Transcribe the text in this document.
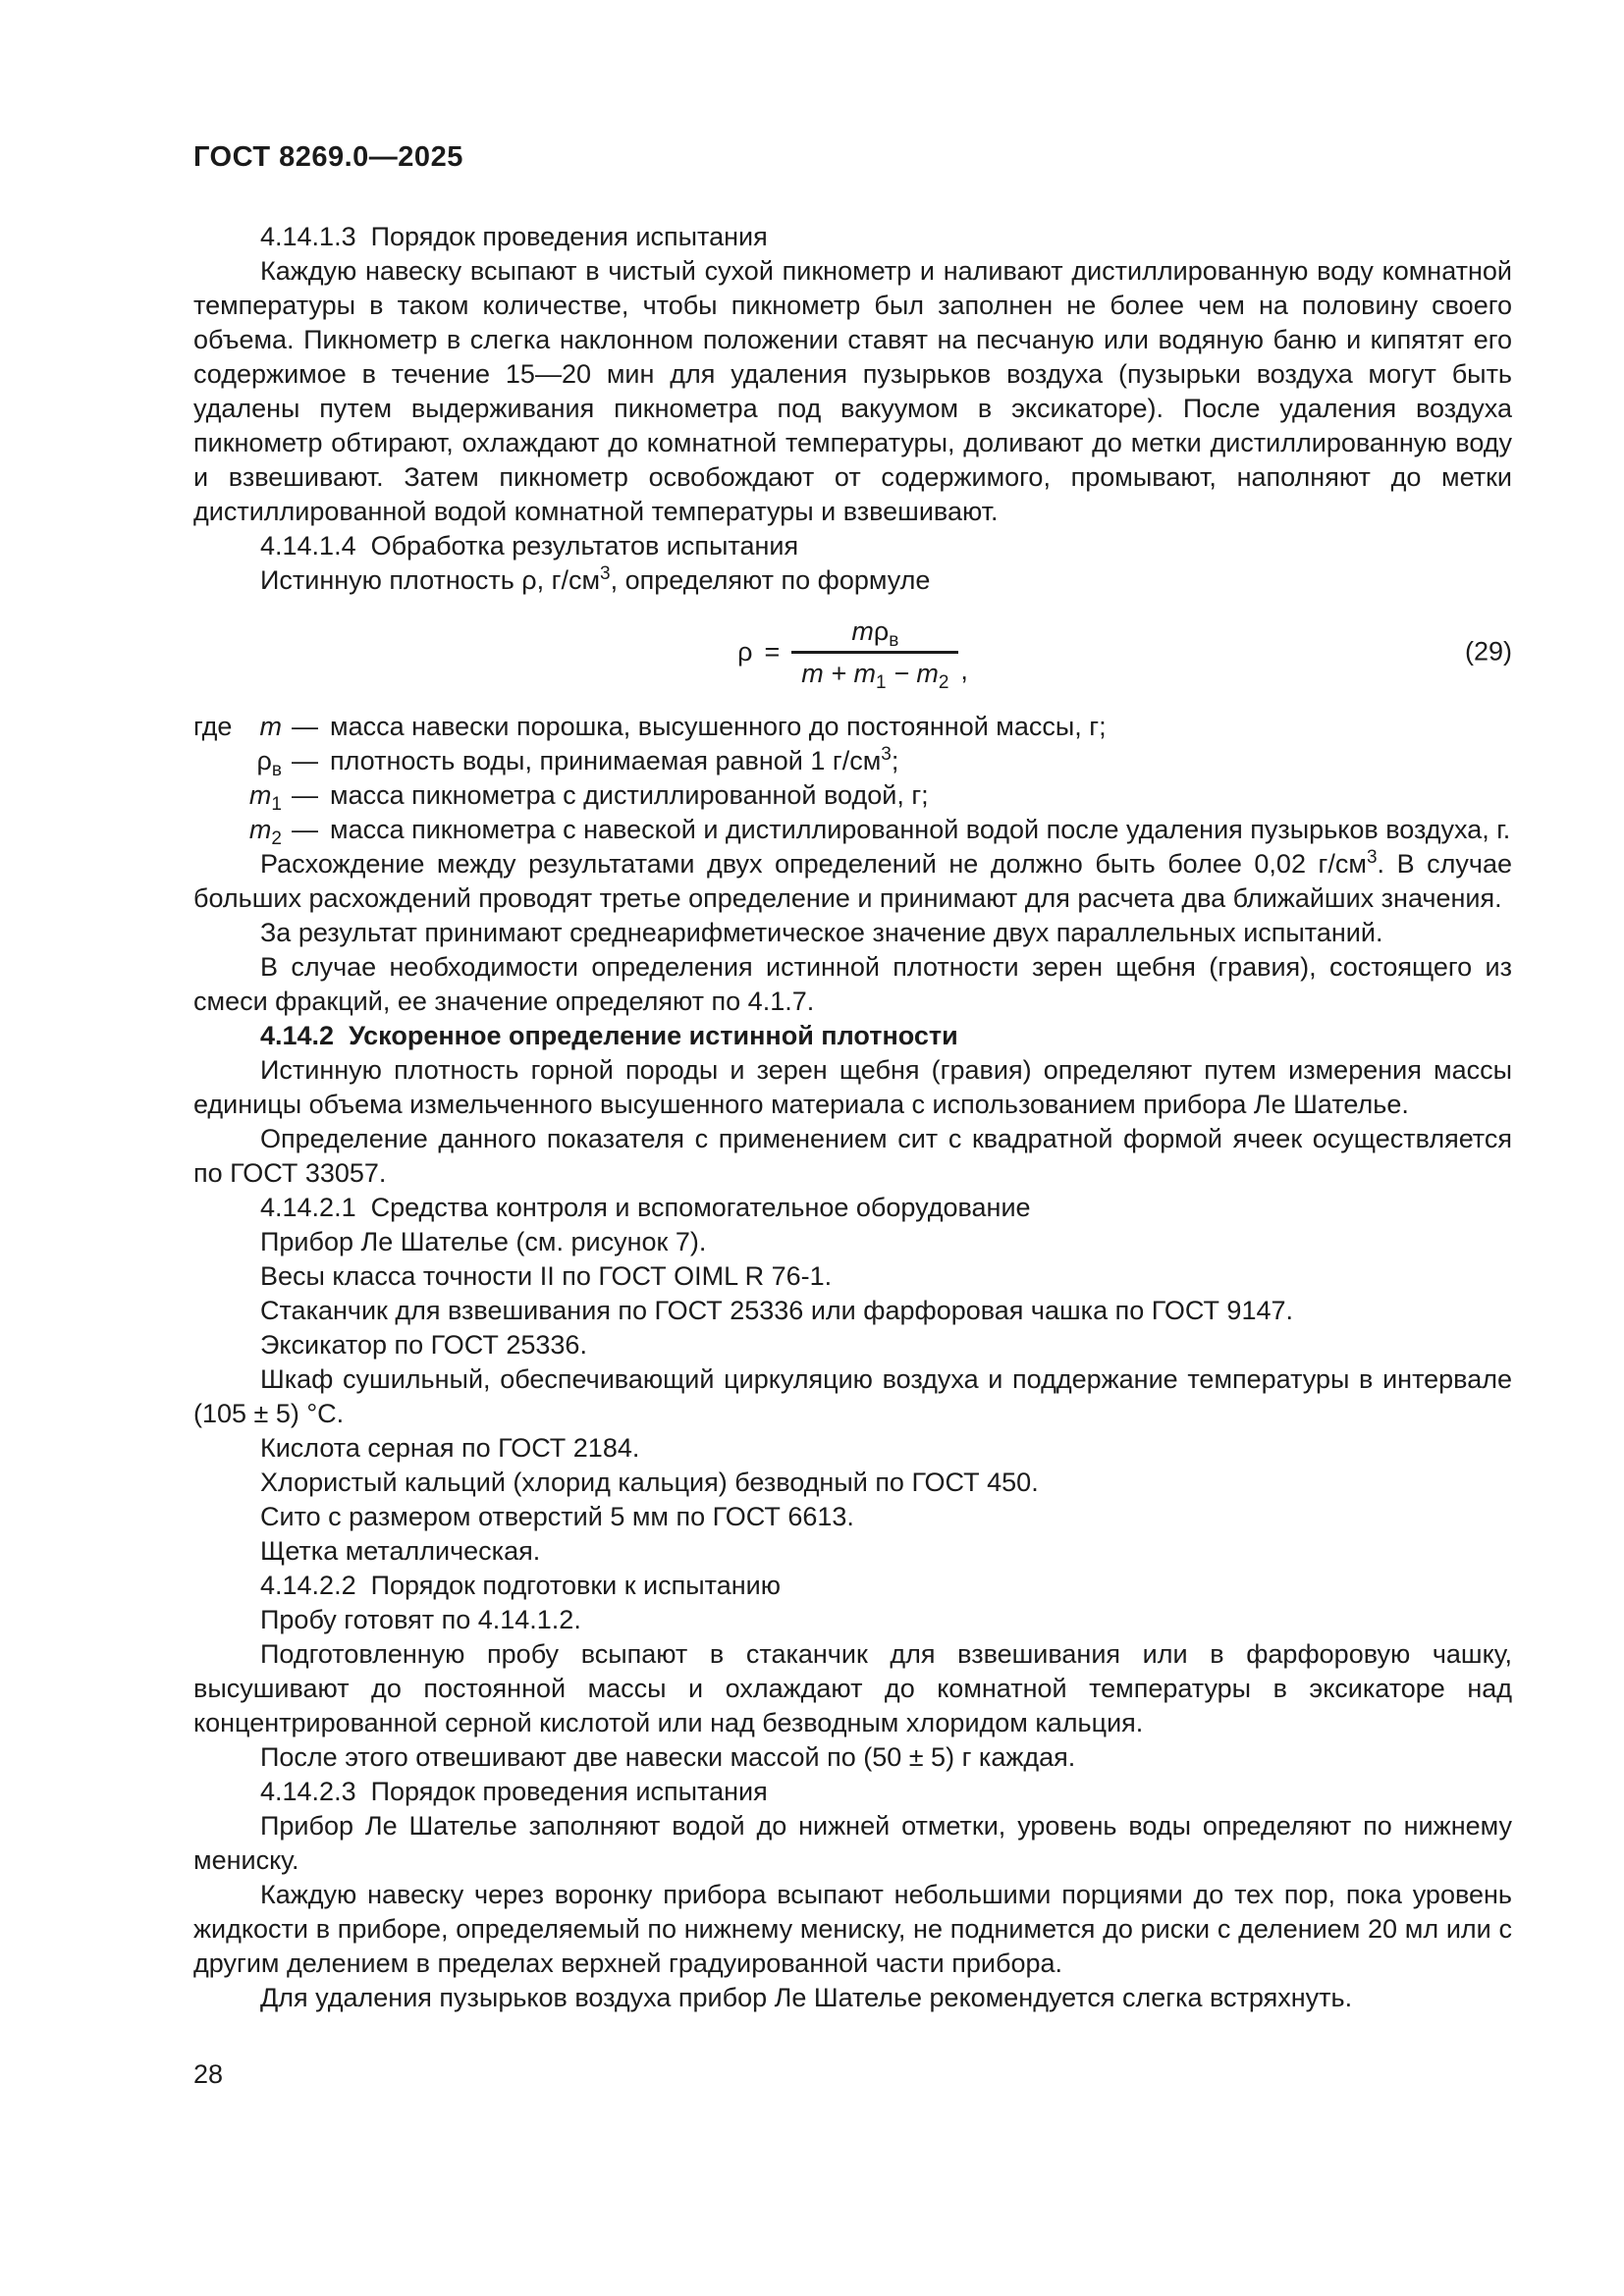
ГОСТ 8269.0—2025

4.14.1.3  Порядок проведения испытания

Каждую навеску всыпают в чистый сухой пикнометр и наливают дистиллированную воду комнатной температуры в таком количестве, чтобы пикнометр был заполнен не более чем на половину своего объема. Пикнометр в слегка наклонном положении ставят на песчаную или водяную баню и кипятят его содержимое в течение 15—20 мин для удаления пузырьков воздуха (пузырьки воздуха могут быть удалены путем выдерживания пикнометра под вакуумом в эксикаторе). После удаления воздуха пикнометр обтирают, охлаждают до комнатной температуры, доливают до метки дистиллированную воду и взвешивают. Затем пикнометр освобождают от содержимого, промывают, наполняют до метки дистиллированной водой комнатной температуры и взвешивают.

4.14.1.4  Обработка результатов испытания

Истинную плотность ρ, $г/см^3$, определяют по формуле

$\rho = \frac{m\rho_в}{m + m_1 - m_2}$ ,
(29)
где	m — масса навески порошка, высушенного до постоянной массы, г;
$\rho_в$ — плотность воды, принимаемая равной 1 $г/см^3$;
$m_1$ — масса пикнометра с дистиллированной водой, г;
$m_2$ — масса пикнометра с навеской и дистиллированной водой после удаления пузырьков воздуха, г.

Расхождение между результатами двух определений не должно быть более 0,02 $г/см^3$. В случае больших расхождений проводят третье определение и принимают для расчета два ближайших значения.

За результат принимают среднеарифметическое значение двух параллельных испытаний.

В случае необходимости определения истинной плотности зерен щебня (гравия), состоящего из смеси фракций, ее значение определяют по 4.1.7.

4.14.2  Ускоренное определение истинной плотности

Истинную плотность горной породы и зерен щебня (гравия) определяют путем измерения массы единицы объема измельченного высушенного материала с использованием прибора Ле Шателье.

Определение данного показателя с применением сит с квадратной формой ячеек осуществляется по ГОСТ 33057.

4.14.2.1  Средства контроля и вспомогательное оборудование

Прибор Ле Шателье (см. рисунок 7).

Весы класса точности II по ГОСТ OIML R 76-1.

Стаканчик для взвешивания по ГОСТ 25336 или фарфоровая чашка по ГОСТ 9147.

Эксикатор по ГОСТ 25336.

Шкаф сушильный, обеспечивающий циркуляцию воздуха и поддержание температуры в интервале (105 ± 5) °С.

Кислота серная по ГОСТ 2184.

Хлористый кальций (хлорид кальция) безводный по ГОСТ 450.

Сито с размером отверстий 5 мм по ГОСТ 6613.

Щетка металлическая.

4.14.2.2  Порядок подготовки к испытанию

Пробу готовят по 4.14.1.2.

Подготовленную пробу всыпают в стаканчик для взвешивания или в фарфоровую чашку, высушивают до постоянной массы и охлаждают до комнатной температуры в эксикаторе над концентрированной серной кислотой или над безводным хлоридом кальция.

После этого отвешивают две навески массой по (50 ± 5) г каждая.

4.14.2.3  Порядок проведения испытания

Прибор Ле Шателье заполняют водой до нижней отметки, уровень воды определяют по нижнему мениску.

Каждую навеску через воронку прибора всыпают небольшими порциями до тех пор, пока уровень жидкости в приборе, определяемый по нижнему мениску, не поднимется до риски с делением 20 мл или с другим делением в пределах верхней градуированной части прибора.

Для удаления пузырьков воздуха прибор Ле Шателье рекомендуется слегка встряхнуть.

28
